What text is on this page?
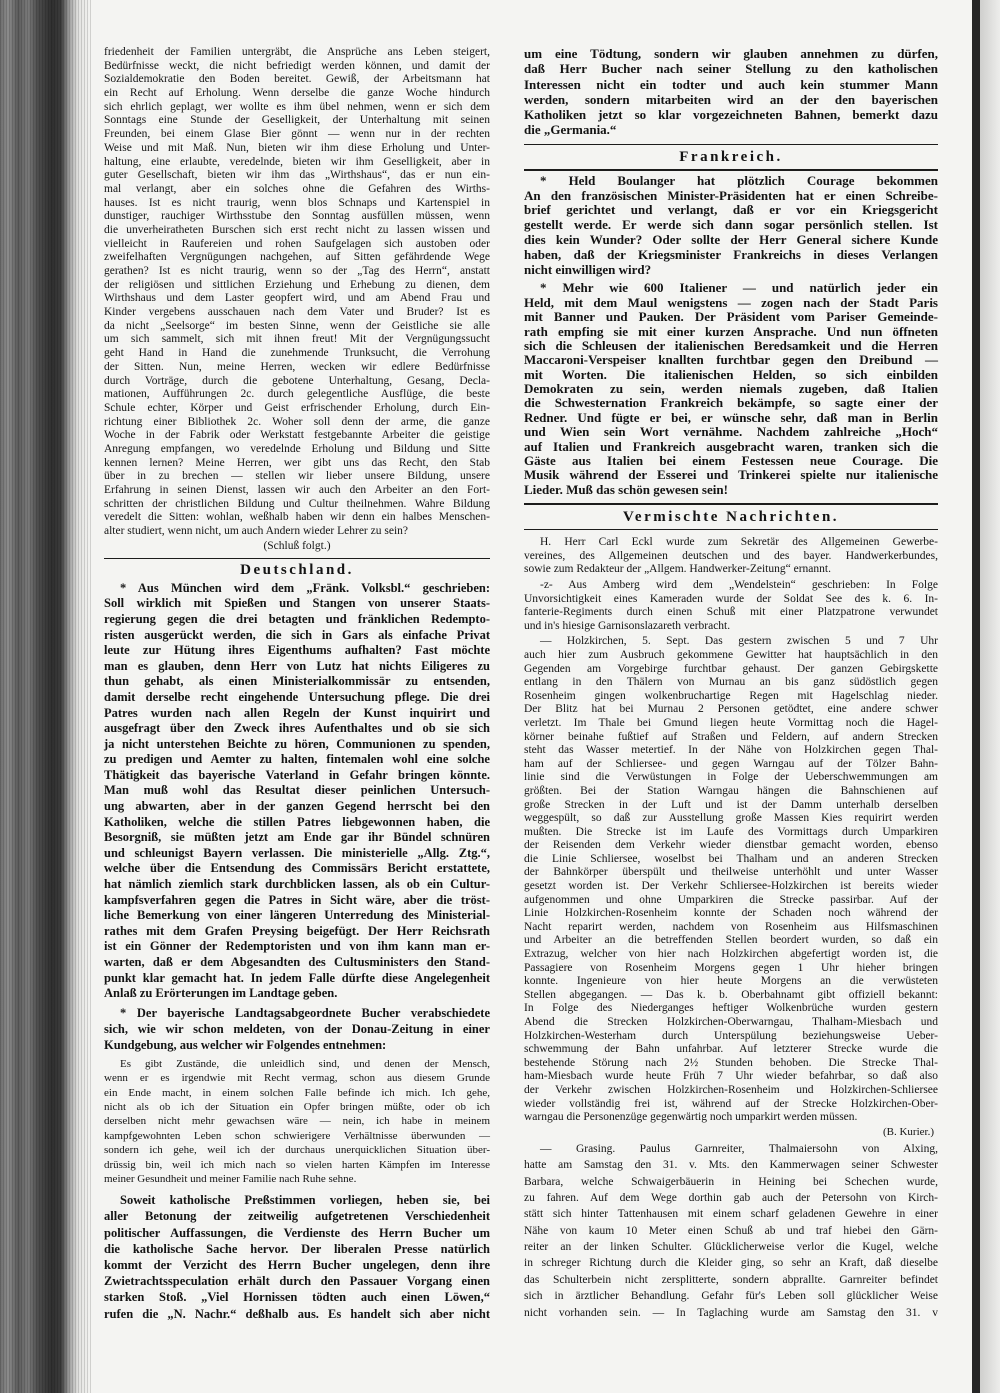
friedenheit der Familien untergräbt, die Ansprüche ans Leben steigert,
Bedürfnisse weckt, die nicht befriedigt werden können, und damit der
Sozialdemokratie den Boden bereitet. Gewiß, der Arbeitsmann hat
ein Recht auf Erholung. Wenn derselbe die ganze Woche hindurch
sich ehrlich geplagt, wer wollte es ihm übel nehmen, wenn er sich dem
Sonntags eine Stunde der Geselligkeit, der Unterhaltung mit seinen
Freunden, bei einem Glase Bier gönnt — wenn nur in der rechten
Weise und mit Maß. Nun, bieten wir ihm diese Erholung und Unter-
haltung, eine erlaubte, veredelnde, bieten wir ihm Geselligkeit, aber in
guter Gesellschaft, bieten wir ihm das „Wirthshaus“, das er nun ein-
mal verlangt, aber ein solches ohne die Gefahren des Wirths-
hauses. Ist es nicht traurig, wenn blos Schnaps und Kartenspiel in
dunstiger, rauchiger Wirthsstube den Sonntag ausfüllen müssen, wenn
die unverheiratheten Burschen sich erst recht nicht zu lassen wissen und
vielleicht in Raufereien und rohen Saufgelagen sich austoben oder
zweifelhaften Vergnügungen nachgehen, auf Sitten gefährdende Wege
gerathen? Ist es nicht traurig, wenn so der „Tag des Herrn“, anstatt
der religiösen und sittlichen Erziehung und Erhebung zu dienen, dem
Wirthshaus und dem Laster geopfert wird, und am Abend Frau und
Kinder vergebens ausschauen nach dem Vater und Bruder? Ist es
da nicht „Seelsorge“ im besten Sinne, wenn der Geistliche sie alle
um sich sammelt, sich mit ihnen freut! Mit der Vergnügungssucht
geht Hand in Hand die zunehmende Trunksucht, die Verrohung
der Sitten. Nun, meine Herren, wecken wir edlere Bedürfnisse
durch Vorträge, durch die gebotene Unterhaltung, Gesang, Decla-
mationen, Aufführungen 2c. durch gelegentliche Ausflüge, die beste
Schule echter, Körper und Geist erfrischender Erholung, durch Ein-
richtung einer Bibliothek 2c. Woher soll denn der arme, die ganze
Woche in der Fabrik oder Werkstatt festgebannte Arbeiter die geistige
Anregung empfangen, wo veredelnde Erholung und Bildung und Sitte
kennen lernen? Meine Herren, wer gibt uns das Recht, den Stab
über in zu brechen — stellen wir lieber unsere Bildung, unsere
Erfahrung in seinen Dienst, lassen wir auch den Arbeiter an den Fort-
schritten der christlichen Bildung und Cultur theilnehmen. Wahre Bildung
veredelt die Sitten: wohlan, weßhalb haben wir denn ein halbes Menschen-
alter studiert, wenn nicht, um auch Andern wieder Lehrer zu sein?
(Schluß folgt.)
Deutschland.
* Aus München wird dem „Fränk. Volksbl.“ geschrieben:
Soll wirklich mit Spießen und Stangen von unserer Staats-
regierung gegen die drei betagten und fränklichen Redempto-
risten ausgerückt werden, die sich in Gars als einfache Privat
leute zur Hütung ihres Eigenthums aufhalten? Fast möchte
man es glauben, denn Herr von Lutz hat nichts Eiligeres zu
thun gehabt, als einen Ministerialkommissär zu entsenden,
damit derselbe recht eingehende Untersuchung pflege. Die drei
Patres wurden nach allen Regeln der Kunst inquirirt und
ausgefragt über den Zweck ihres Aufenthaltes und ob sie sich
ja nicht unterstehen Beichte zu hören, Communionen zu spenden,
zu predigen und Aemter zu halten, fintemalen wohl eine solche
Thätigkeit das bayerische Vaterland in Gefahr bringen könnte.
Man muß wohl das Resultat dieser peinlichen Untersuch-
ung abwarten, aber in der ganzen Gegend herrscht bei den
Katholiken, welche die stillen Patres liebgewonnen haben, die
Besorgniß, sie müßten jetzt am Ende gar ihr Bündel schnüren
und schleunigst Bayern verlassen. Die ministerielle „Allg. Ztg.“,
welche über die Entsendung des Commissärs Bericht erstattete,
hat nämlich ziemlich stark durchblicken lassen, als ob ein Cultur-
kampfsverfahren gegen die Patres in Sicht wäre, aber die tröst-
liche Bemerkung von einer längeren Unterredung des Ministerial-
rathes mit dem Grafen Preysing beigefügt. Der Herr Reichsrath
ist ein Gönner der Redemptoristen und von ihm kann man er-
warten, daß er dem Abgesandten des Cultusministers den Stand-
punkt klar gemacht hat. In jedem Falle dürfte diese Angelegenheit
Anlaß zu Erörterungen im Landtage geben.
* Der bayerische Landtagsabgeordnete Bucher verabschiedete
sich, wie wir schon meldeten, von der Donau-Zeitung in einer
Kundgebung, aus welcher wir Folgendes entnehmen:
Es gibt Zustände, die unleidlich sind, und denen der Mensch,
wenn er es irgendwie mit Recht vermag, schon aus diesem Grunde
ein Ende macht, in einem solchen Falle befinde ich mich. Ich gehe,
nicht als ob ich der Situation ein Opfer bringen müßte, oder ob ich
derselben nicht mehr gewachsen wäre — nein, ich habe in meinem
kampfgewohnten Leben schon schwierigere Verhältnisse überwunden —
sondern ich gehe, weil ich der durchaus unerquicklichen Situation über-
drüssig bin, weil ich mich nach so vielen harten Kämpfen im Interesse
meiner Gesundheit und meiner Familie nach Ruhe sehne.
Soweit katholische Preßstimmen vorliegen, heben sie, bei
aller Betonung der zeitweilig aufgetretenen Verschiedenheit
politischer Auffassungen, die Verdienste des Herrn Bucher um
die katholische Sache hervor. Der liberalen Presse natürlich
kommt der Verzicht des Herrn Bucher ungelegen, denn ihre
Zwietrachtsspeculation erhält durch den Passauer Vorgang einen
starken Stoß. „Viel Hornissen tödten auch einen Löwen,“
rufen die „N. Nachr.“ deßhalb aus. Es handelt sich aber nicht
um eine Tödtung, sondern wir glauben annehmen zu dürfen,
daß Herr Bucher nach seiner Stellung zu den katholischen
Interessen nicht ein todter und auch kein stummer Mann
werden, sondern mitarbeiten wird an der den bayerischen
Katholiken jetzt so klar vorgezeichneten Bahnen, bemerkt dazu
die „Germania.“
Frankreich.
* Held Boulanger hat plötzlich Courage bekommen
An den französischen Minister-Präsidenten hat er einen Schreibe-
brief gerichtet und verlangt, daß er vor ein Kriegsgericht
gestellt werde. Er werde sich dann sogar persönlich stellen. Ist
dies kein Wunder? Oder sollte der Herr General sichere Kunde
haben, daß der Kriegsminister Frankreichs in dieses Verlangen
nicht einwilligen wird?
* Mehr wie 600 Italiener — und natürlich jeder ein
Held, mit dem Maul wenigstens — zogen nach der Stadt Paris
mit Banner und Pauken. Der Präsident vom Pariser Gemeinde-
rath empfing sie mit einer kurzen Ansprache. Und nun öffneten
sich die Schleusen der italienischen Beredsamkeit und die Herren
Maccaroni-Verspeiser knallten furchtbar gegen den Dreibund —
mit Worten. Die italienischen Helden, so sich einbilden
Demokraten zu sein, werden niemals zugeben, daß Italien
die Schwesternation Frankreich bekämpfe, so sagte einer der
Redner. Und fügte er bei, er wünsche sehr, daß man in Berlin
und Wien sein Wort vernähme. Nachdem zahlreiche „Hoch“
auf Italien und Frankreich ausgebracht waren, tranken sich die
Gäste aus Italien bei einem Festessen neue Courage. Die
Musik während der Esserei und Trinkerei spielte nur italienische
Lieder. Muß das schön gewesen sein!
Vermischte Nachrichten.
H. Herr Carl Eckl wurde zum Sekretär des Allgemeinen Gewerbe-
vereines, des Allgemeinen deutschen und des bayer. Handwerkerbundes,
sowie zum Redakteur der „Allgem. Handwerker-Zeitung“ ernannt.
-z- Aus Amberg wird dem „Wendelstein“ geschrieben: In Folge
Unvorsichtigkeit eines Kameraden wurde der Soldat See des k. 6. In-
fanterie-Regiments durch einen Schuß mit einer Platzpatrone verwundet
und in's hiesige Garnisonslazareth verbracht.
— Holzkirchen, 5. Sept. Das gestern zwischen 5 und 7 Uhr
auch hier zum Ausbruch gekommene Gewitter hat hauptsächlich in den
Gegenden am Vorgebirge furchtbar gehaust. Der ganzen Gebirgskette
entlang in den Thälern von Murnau an bis ganz südöstlich gegen
Rosenheim gingen wolkenbruchartige Regen mit Hagelschlag nieder.
Der Blitz hat bei Murnau 2 Personen getödtet, eine andere schwer
verletzt. Im Thale bei Gmund liegen heute Vormittag noch die Hagel-
körner beinahe fußtief auf Straßen und Feldern, auf andern Strecken
steht das Wasser metertief. In der Nähe von Holzkirchen gegen Thal-
ham auf der Schliersee- und gegen Warngau auf der Tölzer Bahn-
linie sind die Verwüstungen in Folge der Ueberschwemmungen am
größten. Bei der Station Warngau hängen die Bahnschienen auf
große Strecken in der Luft und ist der Damm unterhalb derselben
weggespült, so daß zur Ausstellung große Massen Kies requirirt werden
mußten. Die Strecke ist im Laufe des Vormittags durch Umparkiren
der Reisenden dem Verkehr wieder dienstbar gemacht worden, ebenso
die Linie Schliersee, woselbst bei Thalham und an anderen Strecken
der Bahnkörper überspült und theilweise unterhöhlt und unter Wasser
gesetzt worden ist. Der Verkehr Schliersee-Holzkirchen ist bereits wieder
aufgenommen und ohne Umparkiren die Strecke passirbar. Auf der
Linie Holzkirchen-Rosenheim konnte der Schaden noch während der
Nacht reparirt werden, nachdem von Rosenheim aus Hilfsmaschinen
und Arbeiter an die betreffenden Stellen beordert wurden, so daß ein
Extrazug, welcher von hier nach Holzkirchen abgefertigt worden ist, die
Passagiere von Rosenheim Morgens gegen 1 Uhr hieher bringen
konnte. Ingenieure von hier heute Morgens an die verwüsteten
Stellen abgegangen. — Das k. b. Oberbahnamt gibt offiziell bekannt:
In Folge des Niederganges heftiger Wolkenbrüche wurden gestern
Abend die Strecken Holzkirchen-Oberwarngau, Thalham-Miesbach und
Holzkirchen-Westerham durch Unterspülung beziehungsweise Ueber-
schwemmung der Bahn unfahrbar. Auf letzterer Strecke wurde die
bestehende Störung nach 2½ Stunden behoben. Die Strecke Thal-
ham-Miesbach wurde heute Früh 7 Uhr wieder befahrbar, so daß also
der Verkehr zwischen Holzkirchen-Rosenheim und Holzkirchen-Schliersee
wieder vollständig frei ist, während auf der Strecke Holzkirchen-Ober-
warngau die Personenzüge gegenwärtig noch umparkirt werden müssen.
(B. Kurier.)
— Grasing. Paulus Garnreiter, Thalmaiersohn von Alxing,
hatte am Samstag den 31. v. Mts. den Kammerwagen seiner Schwester
Barbara, welche Schwaigerbäuerin in Heining bei Schechen wurde,
zu fahren. Auf dem Wege dorthin gab auch der Petersohn von Kirch-
stätt sich hinter Tattenhausen mit einem scharf geladenen Gewehre in einer
Nähe von kaum 10 Meter einen Schuß ab und traf hiebei den Gärn-
reiter an der linken Schulter. Glücklicherweise verlor die Kugel, welche
in schreger Richtung durch die Kleider ging, so sehr an Kraft, daß dieselbe
das Schulterbein nicht zersplitterte, sondern abprallte. Garnreiter befindet
sich in ärztlicher Behandlung. Gefahr für's Leben soll glücklicher Weise
nicht vorhanden sein. — In Taglaching wurde am Samstag den 31. v
